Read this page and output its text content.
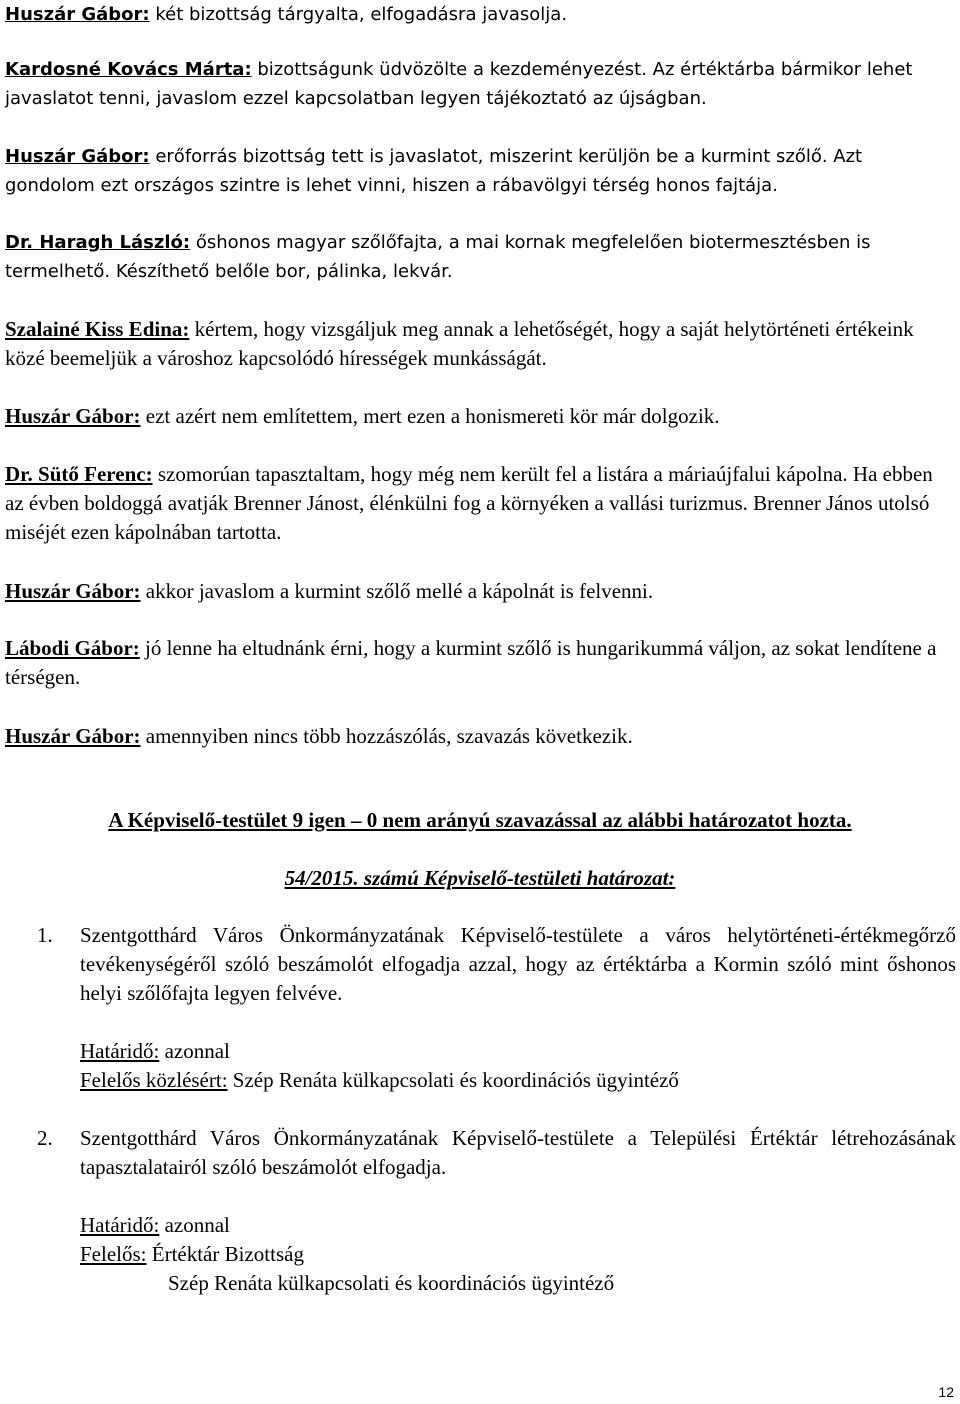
Huszár Gábor: két bizottság tárgyalta, elfogadásra javasolja.

Kardosné Kovács Márta: bizottságunk üdvözölte a kezdeményezést. Az értéktárba bármikor lehet javaslatot tenni, javaslom ezzel kapcsolatban legyen tájékoztató az újságban.

Huszár Gábor: erőforrás bizottság tett is javaslatot, miszerint kerüljön be a kurmint szőlő. Azt gondolom ezt országos szintre is lehet vinni, hiszen a rábavölgyi térség honos fajtája.

Dr. Haragh László: őshonos magyar szőlőfajta, a mai kornak megfelelően biotermesztésben is termelhető. Készíthető belőle bor, pálinka, lekvár.

Szalainé Kiss Edina: kértem, hogy vizsgáljuk meg annak a lehetőségét, hogy a saját helytörténeti értékeink közé beemeljük a városhoz kapcsolódó hírességek munkásságát.

Huszár Gábor: ezt azért nem említettem, mert ezen a honismereti kör már dolgozik.

Dr. Sütő Ferenc: szomorúan tapasztaltam, hogy még nem került fel a listára a máriaújfalui kápolna. Ha ebben az évben boldoggá avatják Brenner Jánost, élénkülni fog a környéken a vallási turizmus. Brenner János utolsó miséjét ezen kápolnában tartotta.

Huszár Gábor: akkor javaslom a kurmint szőlő mellé a kápolnát is felvenni.

Lábodi Gábor: jó lenne ha eltudnánk érni, hogy a kurmint szőlő is hungarikummá váljon, az sokat lendítene a térségen.

Huszár Gábor: amennyiben nincs több hozzászólás, szavazás következik.

A Képviselő-testület 9 igen – 0 nem arányú szavazással az alábbi határozatot hozta.

54/2015. számú Képviselő-testületi határozat:

1. Szentgotthárd Város Önkormányzatának Képviselő-testülete a város helytörténeti-értékmegőrző tevékenységéről szóló beszámolót elfogadja azzal, hogy az értéktárba a Kormin szóló mint őshonos helyi szőlőfajta legyen felvéve.

Határidő: azonnal

Felelős közlésért: Szép Renáta külkapcsolati és koordinációs ügyintéző

2. Szentgotthárd Város Önkormányzatának Képviselő-testülete a Települési Értéktár létrehozásának tapasztalatairól szóló beszámolót elfogadja.

Határidő: azonnal

Felelős: Értéktár Bizottság

Szép Renáta külkapcsolati és koordinációs ügyintéző

12
